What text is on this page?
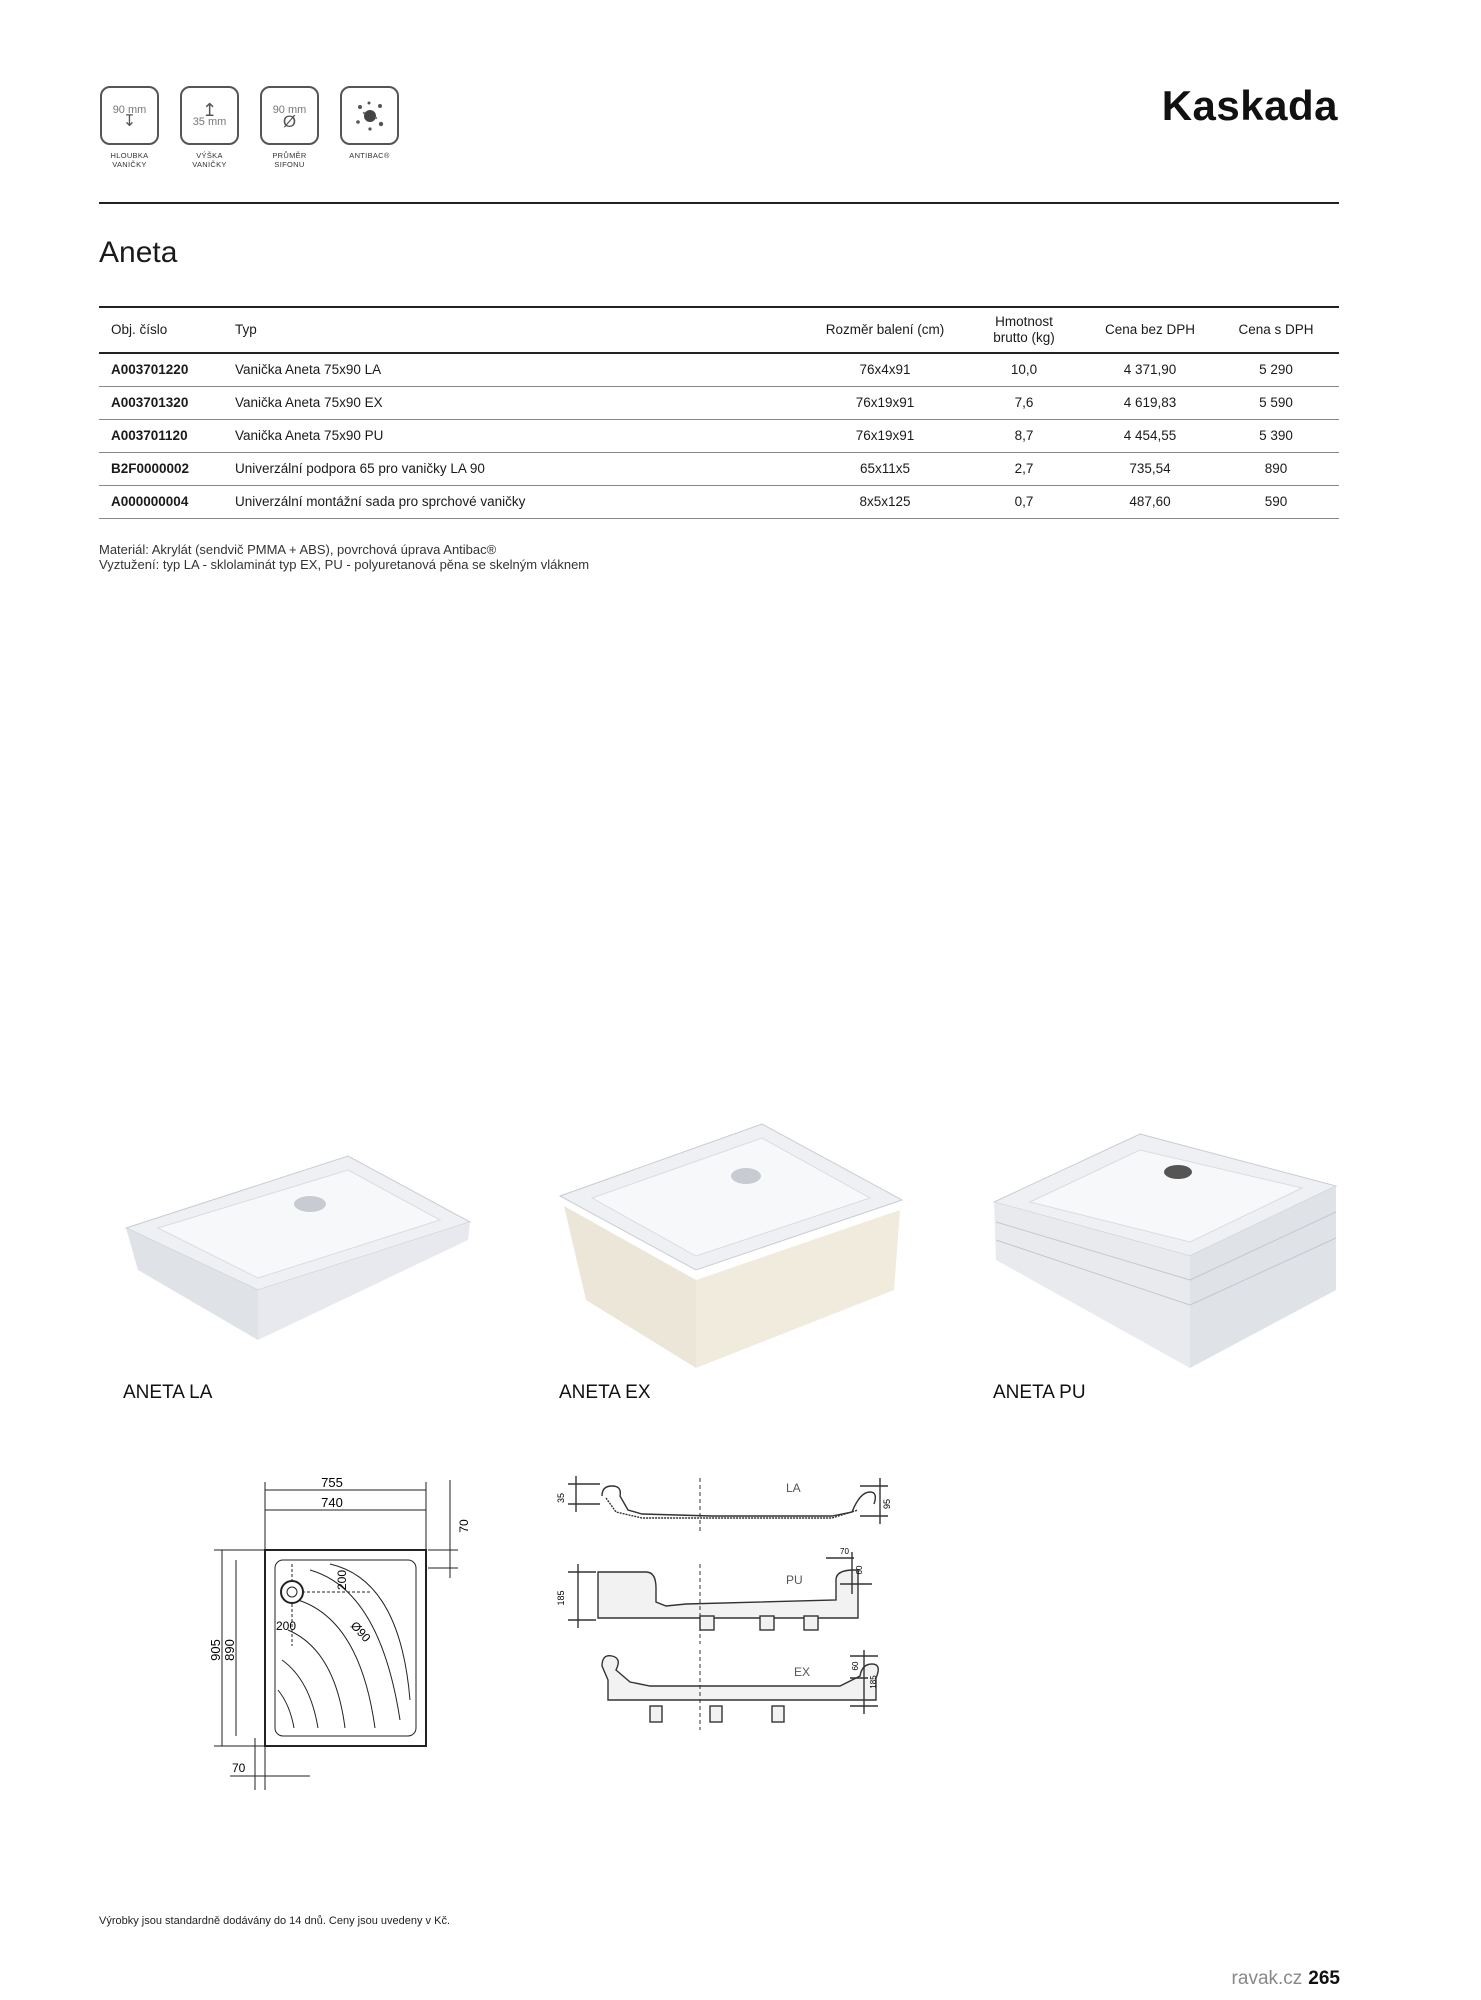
90 mm
↧
HLOUBKA
VANIČKY
↥
35 mm
VÝŠKA
VANIČKY
90 mm
Ø
PRŮMĚR
SIFONU
ANTIBAC®
Kaskada
Aneta
Obj. číslo	Typ	Rozměr balení (cm)	Hmotnost
brutto (kg)	Cena bez DPH	Cena s DPH
A003701220	Vanička Aneta 75x90 LA	76x4x91	10,0	4 371,90	5 290
A003701320	Vanička Aneta 75x90 EX	76x19x91	7,6	4 619,83	5 590
A003701120	Vanička Aneta 75x90 PU	76x19x91	8,7	4 454,55	5 390
B2F0000002	Univerzální podpora 65 pro vaničky LA 90	65x11x5	2,7	735,54	890
A000000004	Univerzální montážní sada pro sprchové vaničky	8x5x125	0,7	487,60	590
Materiál: Akrylát (sendvič PMMA + ABS), povrchová úprava Antibac®
Vyztužení: typ LA - sklolaminát typ EX, PU - polyuretanová pěna se skelným vláknem
ANETA LA	ANETA EX	ANETA PU
755
740
70
905 890
70
200
200
Ø90
LA
35
95
PU
70
185
60
EX	60
185
Výrobky jsou standardně dodávány do 14 dnů. Ceny jsou uvedeny v Kč.
ravak.cz 265
